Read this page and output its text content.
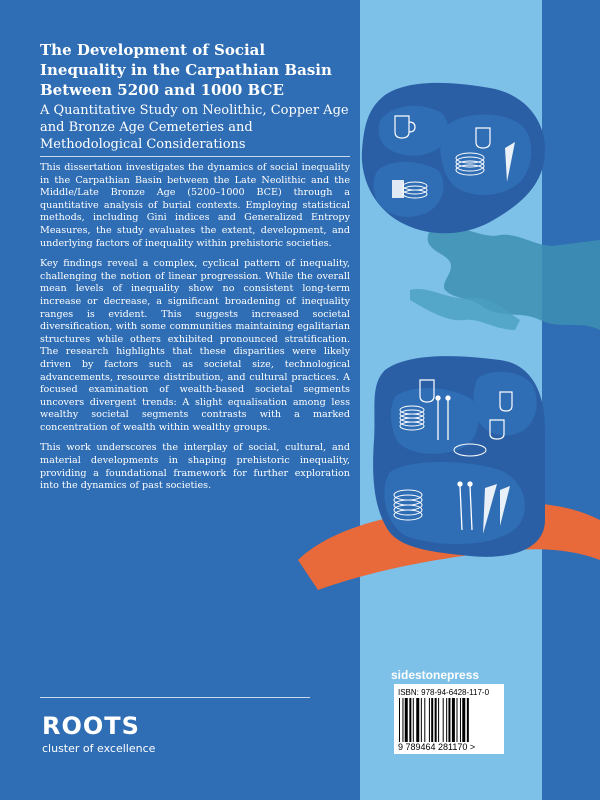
The Development of Social Inequality in the Carpathian Basin Between 5200 and 1000 BCE
A Quantitative Study on Neolithic, Copper Age and Bronze Age Cemeteries and Methodological Considerations

This dissertation investigates the dynamics of social inequality in the Carpathian Basin between the Late Neolithic and the Middle/Late Bronze Age (5200–1000 BCE) through a quantitative analysis of burial contexts. Employing statistical methods, including Gini indices and Generalized Entropy Measures, the study evaluates the extent, development, and underlying factors of inequality within prehistoric societies.

Key findings reveal a complex, cyclical pattern of inequality, challenging the notion of linear progression. While the overall mean levels of inequality show no consistent long-term increase or decrease, a significant broadening of inequality ranges is evident. This suggests increased societal diversification, with some communities maintaining egalitarian structures while others exhibited pronounced stratification. The research highlights that these disparities were likely driven by factors such as societal size, technological advancements, resource distribution, and cultural practices. A focused examination of wealth-based societal segments uncovers divergent trends: A slight equalisation among less wealthy societal segments contrasts with a marked concentration of wealth within wealthy groups.

This work underscores the interplay of social, cultural, and material developments in shaping prehistoric inequality, providing a foundational framework for further exploration into the dynamics of past societies.

ROOTS
cluster of excellence
sidestonepress
ISBN: 978-94-6428-117-0
9 789464 281170 >
